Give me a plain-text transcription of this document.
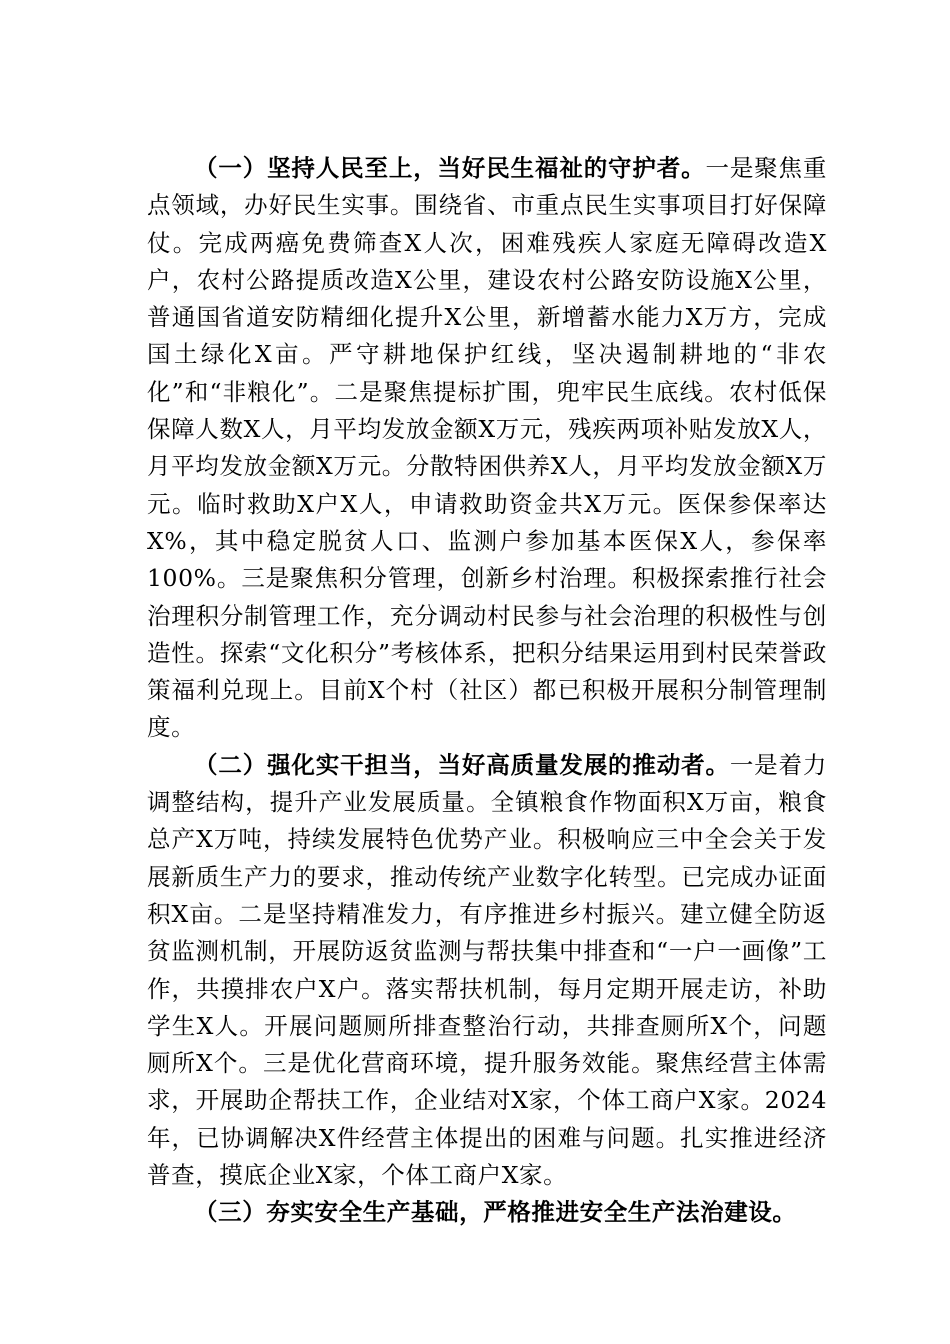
（一）坚持人民至上，当好民生福祉的守护者。一是聚焦重点领域，办好民生实事。围绕省、市重点民生实事项目打好保障仗。完成两癌免费筛查X人次，困难残疾人家庭无障碍改造X户，农村公路提质改造X公里，建设农村公路安防设施X公里，普通国省道安防精细化提升X公里，新增蓄水能力X万方，完成国土绿化X亩。严守耕地保护红线，坚决遏制耕地的“非农化”和“非粮化”。二是聚焦提标扩围，兜牢民生底线。农村低保保障人数X人，月平均发放金额X万元，残疾两项补贴发放X人，月平均发放金额X万元。分散特困供养X人，月平均发放金额X万元。临时救助X户X人，申请救助资金共X万元。医保参保率达X%，其中稳定脱贫人口、监测户参加基本医保X人，参保率100%。三是聚焦积分管理，创新乡村治理。积极探索推行社会治理积分制管理工作，充分调动村民参与社会治理的积极性与创造性。探索“文化积分”考核体系，把积分结果运用到村民荣誉政策福利兑现上。目前X个村（社区）都已积极开展积分制管理制度。

（二）强化实干担当，当好高质量发展的推动者。一是着力调整结构，提升产业发展质量。全镇粮食作物面积X万亩，粮食总产X万吨，持续发展特色优势产业。积极响应三中全会关于发展新质生产力的要求，推动传统产业数字化转型。已完成办证面积X亩。二是坚持精准发力，有序推进乡村振兴。建立健全防返贫监测机制，开展防返贫监测与帮扶集中排查和“一户一画像”工作，共摸排农户X户。落实帮扶机制，每月定期开展走访，补助学生X人。开展问题厕所排查整治行动，共排查厕所X个，问题厕所X个。三是优化营商环境，提升服务效能。聚焦经营主体需求，开展助企帮扶工作，企业结对X家，个体工商户X家。2024年，已协调解决X件经营主体提出的困难与问题。扎实推进经济普查，摸底企业X家，个体工商户X家。

（三）夯实安全生产基础，严格推进安全生产法治建设。
